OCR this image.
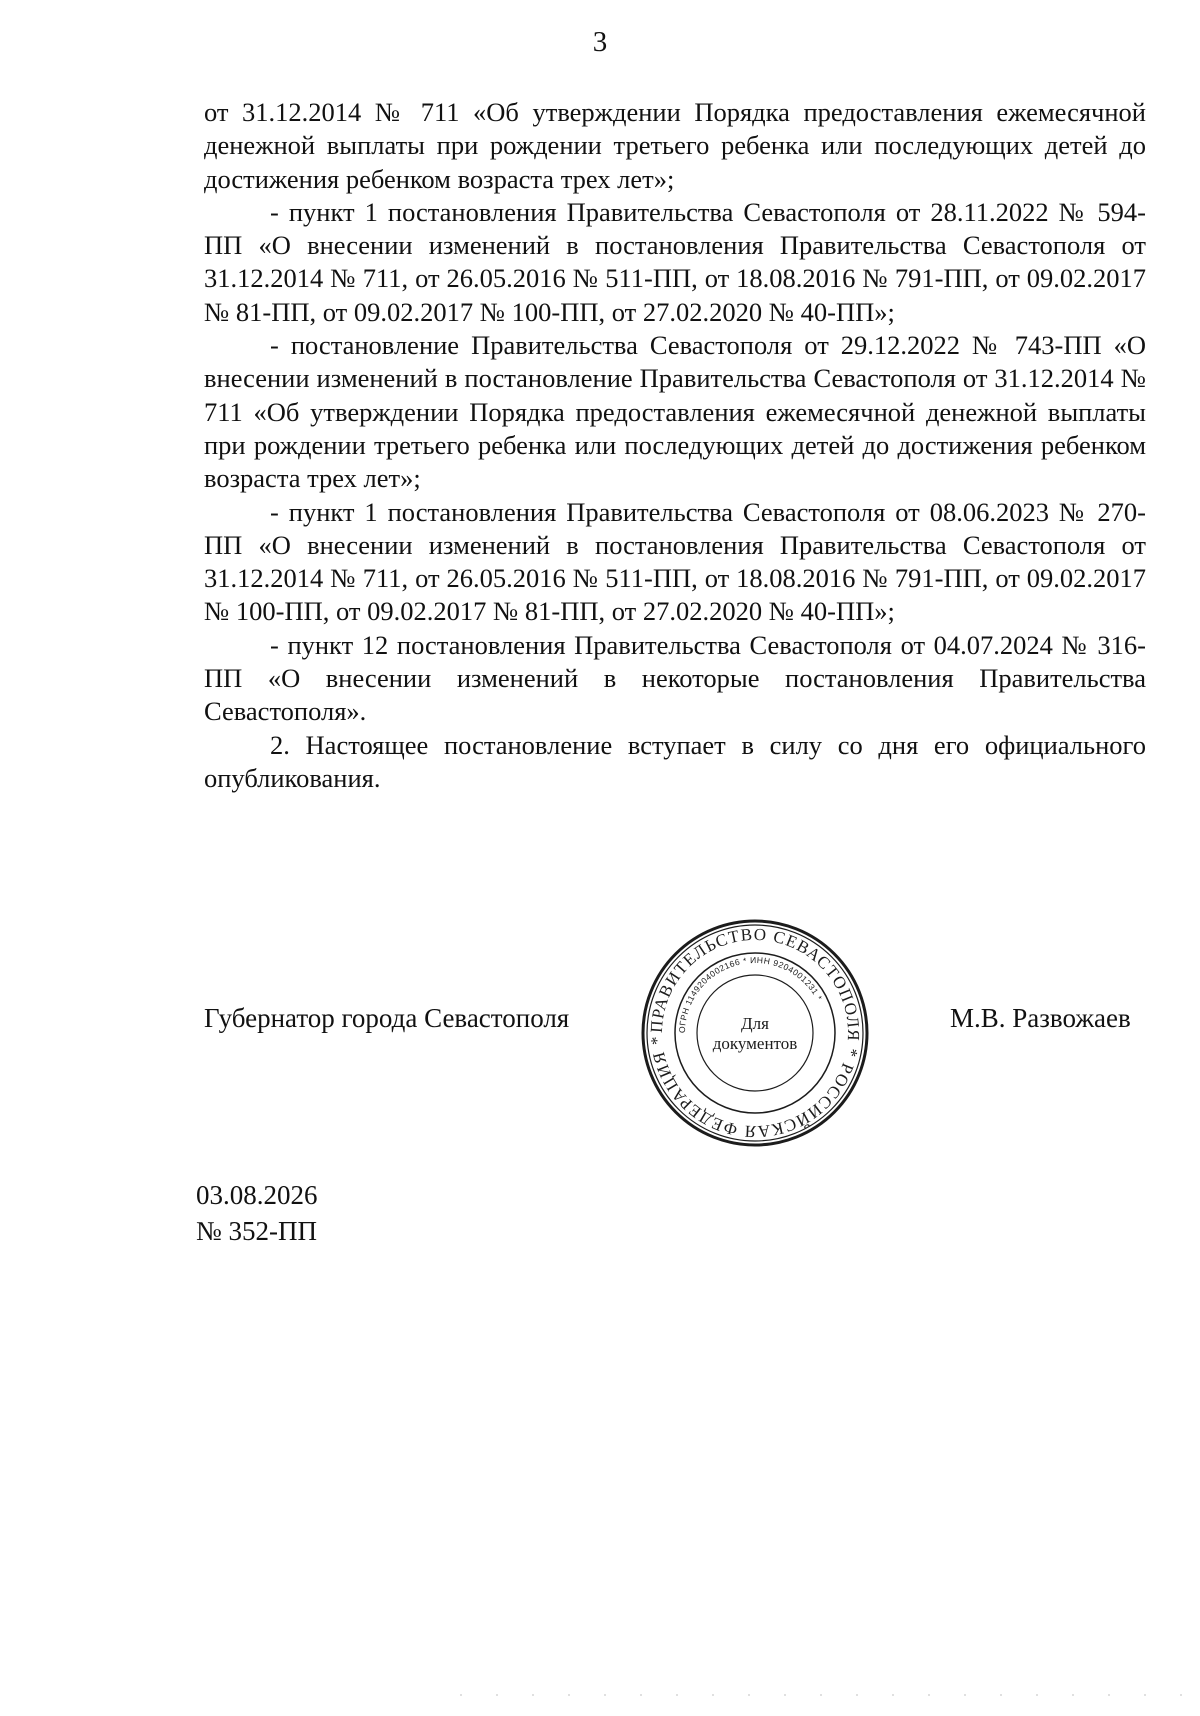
3

от 31.12.2014 № 711 «Об утверждении Порядка предоставления ежемесячной денежной выплаты при рождении третьего ребенка или последующих детей до достижения ребенком возраста трех лет»;

- пункт 1 постановления Правительства Севастополя от 28.11.2022 № 594-ПП «О внесении изменений в постановления Правительства Севастополя от 31.12.2014 № 711, от 26.05.2016 № 511-ПП, от 18.08.2016 № 791-ПП, от 09.02.2017 № 81-ПП, от 09.02.2017 № 100-ПП, от 27.02.2020 № 40-ПП»;

- постановление Правительства Севастополя от 29.12.2022 № 743-ПП «О внесении изменений в постановление Правительства Севастополя от 31.12.2014 № 711 «Об утверждении Порядка предоставления ежемесячной денежной выплаты при рождении третьего ребенка или последующих детей до достижения ребенком возраста трех лет»;

- пункт 1 постановления Правительства Севастополя от 08.06.2023 № 270-ПП «О внесении изменений в постановления Правительства Севастополя от 31.12.2014 № 711, от 26.05.2016 № 511-ПП, от 18.08.2016 № 791-ПП, от 09.02.2017 № 100-ПП, от 09.02.2017 № 81-ПП, от 27.02.2020 № 40-ПП»;

- пункт 12 постановления Правительства Севастополя от 04.07.2024 № 316-ПП «О внесении изменений в некоторые постановления Правительства Севастополя».

2. Настоящее постановление вступает в силу со дня его официального опубликования.

Губернатор города Севастополя	ПРАВИТЕЛЬСТВО СЕВАСТОПОЛЯ * РОССИЙСКАЯ ФЕДЕРАЦИЯ *
ОГРН 1149204002166 * ИНН 9204001231 *
Для
документов
М.В. Развожаев
03.08.2026
№ 352-ПП
